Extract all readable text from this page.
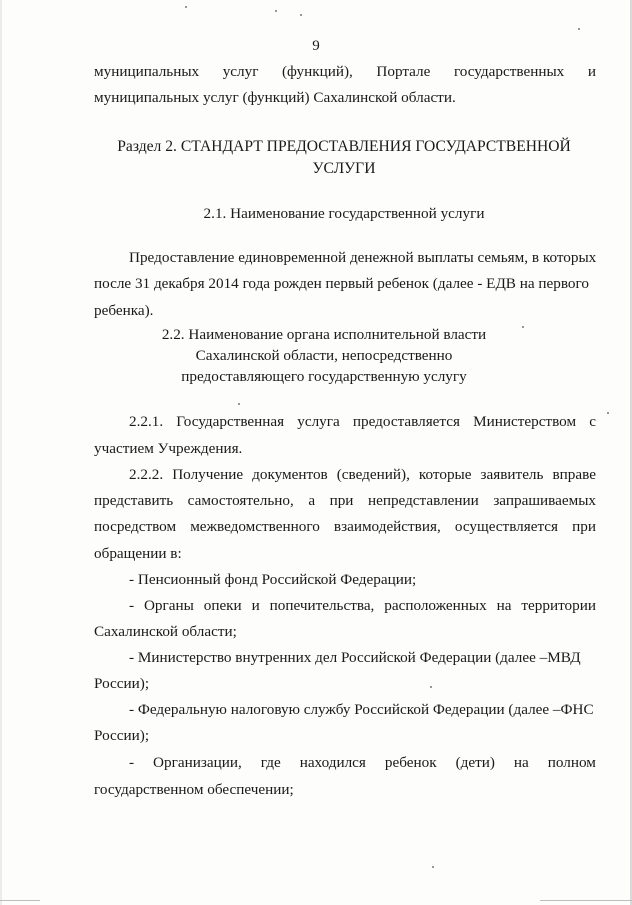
9
муниципальных услуг (функций), Портале государственных и
муниципальных услуг (функций) Сахалинской области.
Раздел 2. СТАНДАРТ ПРЕДОСТАВЛЕНИЯ ГОСУДАРСТВЕННОЙ
УСЛУГИ
2.1. Наименование государственной услуги
Предоставление единовременной денежной выплаты семьям, в которых
после 31 декабря 2014 года рожден первый ребенок (далее - ЕДВ на первого
ребенка).
2.2. Наименование органа исполнительной власти
Сахалинской области, непосредственно
предоставляющего государственную услугу
2.2.1. Государственная услуга предоставляется Министерством с
участием Учреждения.
2.2.2. Получение документов (сведений), которые заявитель вправе
представить самостоятельно, а при непредставлении запрашиваемых
посредством межведомственного взаимодействия, осуществляется при
обращении в:
- Пенсионный фонд Российской Федерации;
- Органы опеки и попечительства, расположенных на территории
Сахалинской области;
- Министерство внутренних дел Российской Федерации (далее –МВД
России);
- Федеральную налоговую службу Российской Федерации (далее –ФНС
России);
- Организации, где находился ребенок (дети) на полном
государственном обеспечении;
